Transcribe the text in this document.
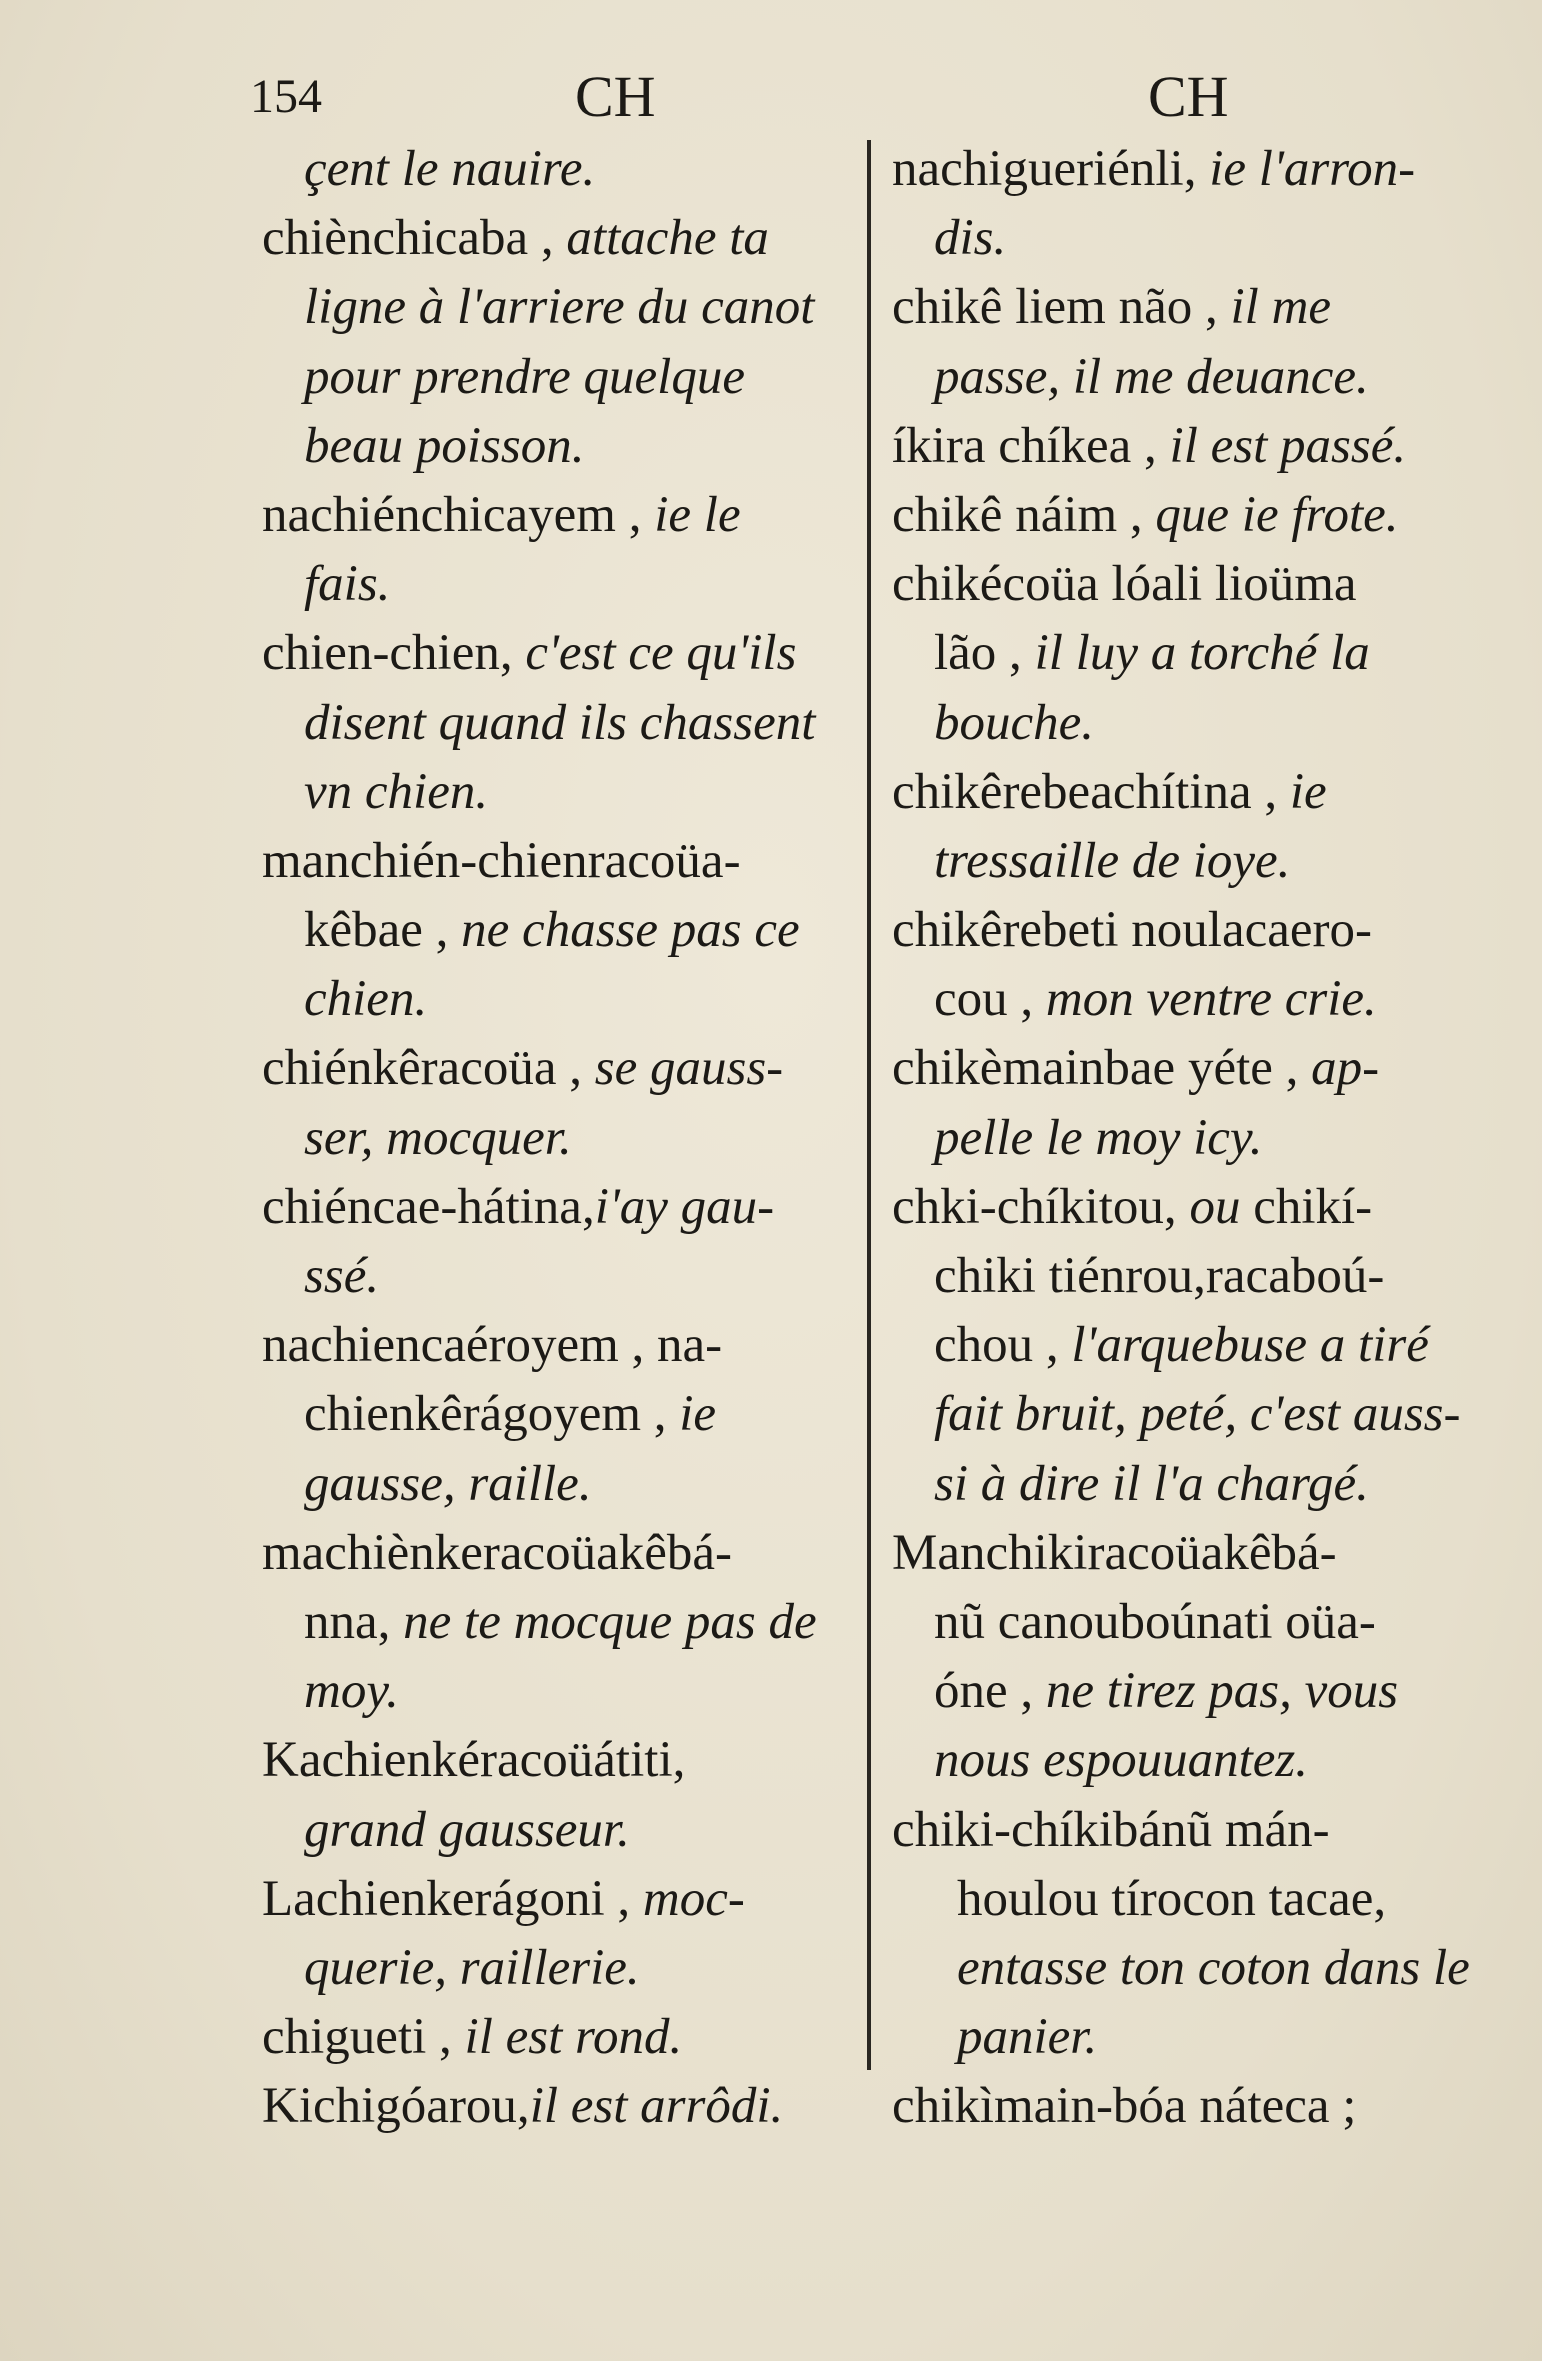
154	CH	CH
çent le nauire.
chiènchicaba , attache ta
ligne à l'arriere du canot
pour prendre quelque
beau poisson.
nachiénchicayem , ie le
fais.
chien-chien, c'est ce qu'ils
disent quand ils chassent
vn chien.
manchién-chienracoüa-
kêbae , ne chasse pas ce
chien.
chiénkêracoüa , se gauss-
ser, mocquer.
chiéncae-hátina,i'ay gau-
ssé.
nachiencaéroyem , na-
chienkêrágoyem , ie
gausse, raille.
machiènkeracoüakêbá-
nna, ne te mocque pas de
moy.
Kachienkéracoüátiti,
grand gausseur.
Lachienkerágoni , moc-
querie, raillerie.
chigueti , il est rond.
Kichigóarou,il est arrôdi.
nachigueriénli, ie l'arron-
dis.
chikê liem não , il me
passe, il me deuance.
íkira chíkea , il est passé.
chikê náim , que ie frote.
chikécoüa lóali lioüma
lão , il luy a torché la
bouche.
chikêrebeachítina , ie
tressaille de ioye.
chikêrebeti noulacaero-
cou , mon ventre crie.
chikèmainbae yéte , ap-
pelle le moy icy.
chki-chíkitou, ou chikí-
chiki tiénrou,racaboú-
chou , l'arquebuse a tiré
fait bruit, peté, c'est auss-
si à dire il l'a chargé.
Manchikiracoüakêbá-
nũ canouboúnati oüa-
óne , ne tirez pas, vous
nous espouuantez.
chiki-chíkibánũ mán-
houlou tírocon tacae,
entasse ton coton dans le
panier.
chikìmain-bóa náteca ;
